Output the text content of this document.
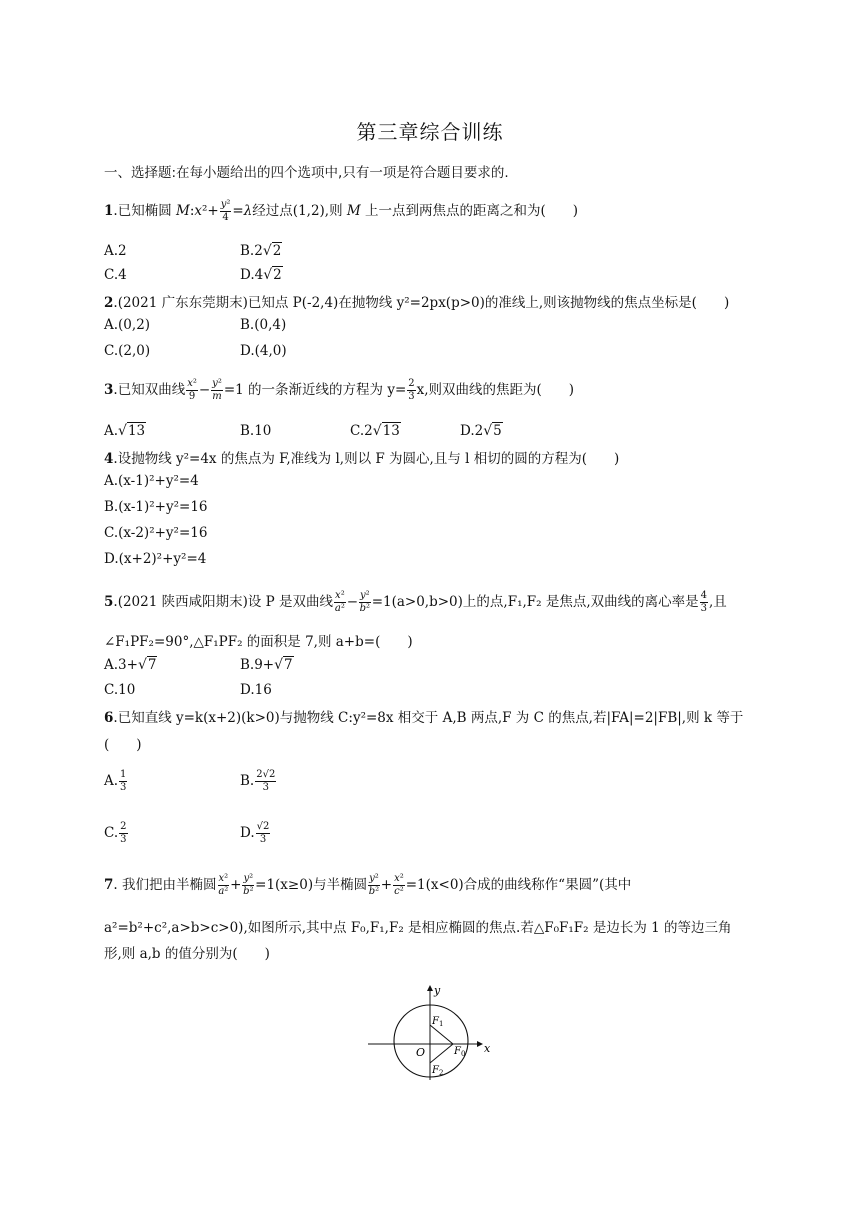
第三章综合训练
一、选择题:在每小题给出的四个选项中,只有一项是符合题目要求的.
1.已知椭圆 M:x²+ $\frac{\text{y²}}{4} =\lambda$经过点(1,2),则 M 上一点到两焦点的距离之和为(　　)
A.2	B.2√2
C.4	D.4√2
2.(2021 广东东莞期末)已知点 P(-2,4)在抛物线 y²=2px(p>0)的准线上,则该抛物线的焦点坐标是(　　)
A.(0,2)	B.(0,4)
C.(2,0)	D.(4,0)
3.已知双曲线 $\frac{\text{x²}}{9} - \frac{\text{y²}}{m} =1$ 的一条渐近线的方程为 $y= \frac{2}{3} x$,则双曲线的焦距为(　　)
A.√13	B.10	C.2√13	D.2√5
4.设抛物线 y²=4x 的焦点为 F,准线为 l,则以 F 为圆心,且与 l 相切的圆的方程为(　　)
A.(x-1)²+y²=4
B.(x-1)²+y²=16
C.(x-2)²+y²=16
D.(x+2)²+y²=4
5.(2021 陕西咸阳期末)设 P 是双曲线 $\frac{\text{x²}}{\text{a²}} - \frac{\text{y²}}{\text{b²}} =1(a>0,b>0)$上的点,F₁,F₂ 是焦点,双曲线的离心率是 $\frac{4}{3}$ ,且
∠F₁PF₂=90°,△F₁PF₂ 的面积是 7,则 a+b=(　　)
A.3+√7	B.9+√7
C.10	D.16
6.已知直线 y=k(x+2)(k>0)与抛物线 C:y²=8x 相交于 A,B 两点,F 为 C 的焦点,若|FA|=2|FB|,则 k 等于
(　　)
A. $\frac{1}{3}$	B. $\frac{2√2}{3}$
C. $\frac{2}{3}$	D. $\frac{√2}{3}$
7. 我们把由半椭圆 $\frac{\text{x²}}{\text{a²}} + \frac{\text{y²}}{\text{b²}} =1(x\ge 0)$与半椭圆 $\frac{\text{y²}}{\text{b²}} + \frac{\text{x²}}{\text{c²}} =1(x<0)$合成的曲线称作“果圆”(其中
a²=b²+c²,a>b>c>0),如图所示,其中点 F₀,F₁,F₂ 是相应椭圆的焦点.若△F₀F₁F₂ 是边长为 1 的等边三角
形,则 a,b 的值分别为(　　)
y
x
O
$F_1$
$F_0$
$F_2$
